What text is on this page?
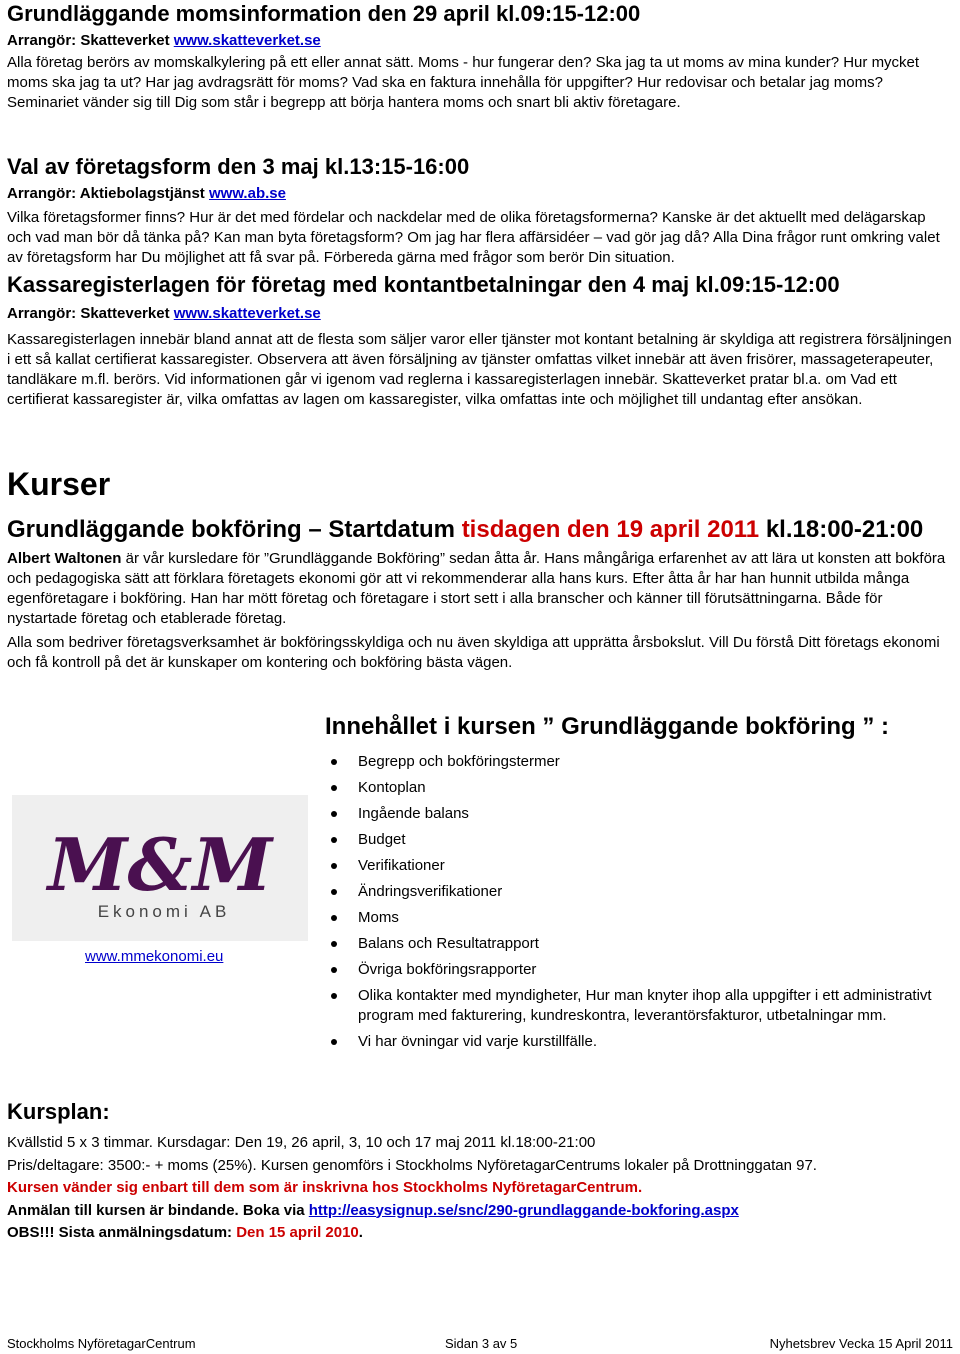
Grundläggande momsinformation den 29 april kl.09:15-12:00

Arrangör: Skatteverket www.skatteverket.se

Alla företag berörs av momskalkylering på ett eller annat sätt. Moms - hur fungerar den? Ska jag ta ut moms av mina kunder? Hur mycket moms ska jag ta ut? Har jag avdragsrätt för moms? Vad ska en faktura innehålla för uppgifter? Hur redovisar och betalar jag moms? Seminariet vänder sig till Dig som står i begrepp att börja hantera moms och snart bli aktiv företagare.

Val av företagsform den 3 maj kl.13:15-16:00

Arrangör: Aktiebolagstjänst www.ab.se

Vilka företagsformer finns? Hur är det med fördelar och nackdelar med de olika företagsformerna? Kanske är det aktuellt med delägarskap och vad man bör då tänka på? Kan man byta företagsform? Om jag har flera affärsidéer – vad gör jag då? Alla Dina frågor runt omkring valet av företagsform har Du möjlighet att få svar på. Förbereda gärna med frågor som berör Din situation.

Kassaregisterlagen för företag med kontantbetalningar den 4 maj kl.09:15-12:00

Arrangör: Skatteverket www.skatteverket.se

Kassaregisterlagen innebär bland annat att de flesta som säljer varor eller tjänster mot kontant betalning är skyldiga att registrera försäljningen i ett så kallat certifierat kassaregister. Observera att även försäljning av tjänster omfattas vilket innebär att även frisörer, massageterapeuter, tandläkare m.fl. berörs. Vid informationen går vi igenom vad reglerna i kassaregisterlagen innebär. Skatteverket pratar bl.a. om Vad ett certifierat kassaregister är, vilka omfattas av lagen om kassaregister, vilka omfattas inte och möjlighet till undantag efter ansökan.

Kurser
Grundläggande bokföring – Startdatum tisdagen den 19 april 2011 kl.18:00-21:00

Albert Waltonen är vår kursledare för ”Grundläggande Bokföring” sedan åtta år. Hans mångåriga erfarenhet av att lära ut konsten att bokföra och pedagogiska sätt att förklara företagets ekonomi gör att vi rekommenderar alla hans kurs. Efter åtta år har han hunnit utbilda många egenföretagare i bokföring. Han har mött företag och företagare i stort sett i alla branscher och känner till förutsättningarna. Både för nystartade företag och etablerade företag.

Alla som bedriver företagsverksamhet är bokföringsskyldiga och nu även skyldiga att upprätta årsbokslut. Vill Du förstå Ditt företags ekonomi och få kontroll på det är kunskaper om kontering och bokföring bästa vägen.

M&M
Ekonomi AB
www.mmekonomi.eu
Innehållet i kursen ” Grundläggande bokföring ” :
Begrepp och bokföringstermer
Kontoplan
Ingående balans
Budget
Verifikationer
Ändringsverifikationer
Moms
Balans och Resultatrapport
Övriga bokföringsrapporter
Olika kontakter med myndigheter, Hur man knyter ihop alla uppgifter i ett administrativt program med fakturering, kundreskontra, leverantörsfakturor, utbetalningar mm.
Vi har övningar vid varje kurstillfälle.
Kursplan:

Kvällstid 5 x 3 timmar. Kursdagar: Den 19, 26 april, 3, 10 och 17 maj 2011 kl.18:00-21:00

Pris/deltagare: 3500:- + moms (25%). Kursen genomförs i Stockholms NyföretagarCentrums lokaler på Drottninggatan 97.

Kursen vänder sig enbart till dem som är inskrivna hos Stockholms NyföretagarCentrum.

Anmälan till kursen är bindande. Boka via http://easysignup.se/snc/290-grundlaggande-bokforing.aspx

OBS!!! Sista anmälningsdatum: Den 15 april 2010.

Stockholms NyföretagarCentrum	Sidan 3 av 5	Nyhetsbrev Vecka 15 April 2011
